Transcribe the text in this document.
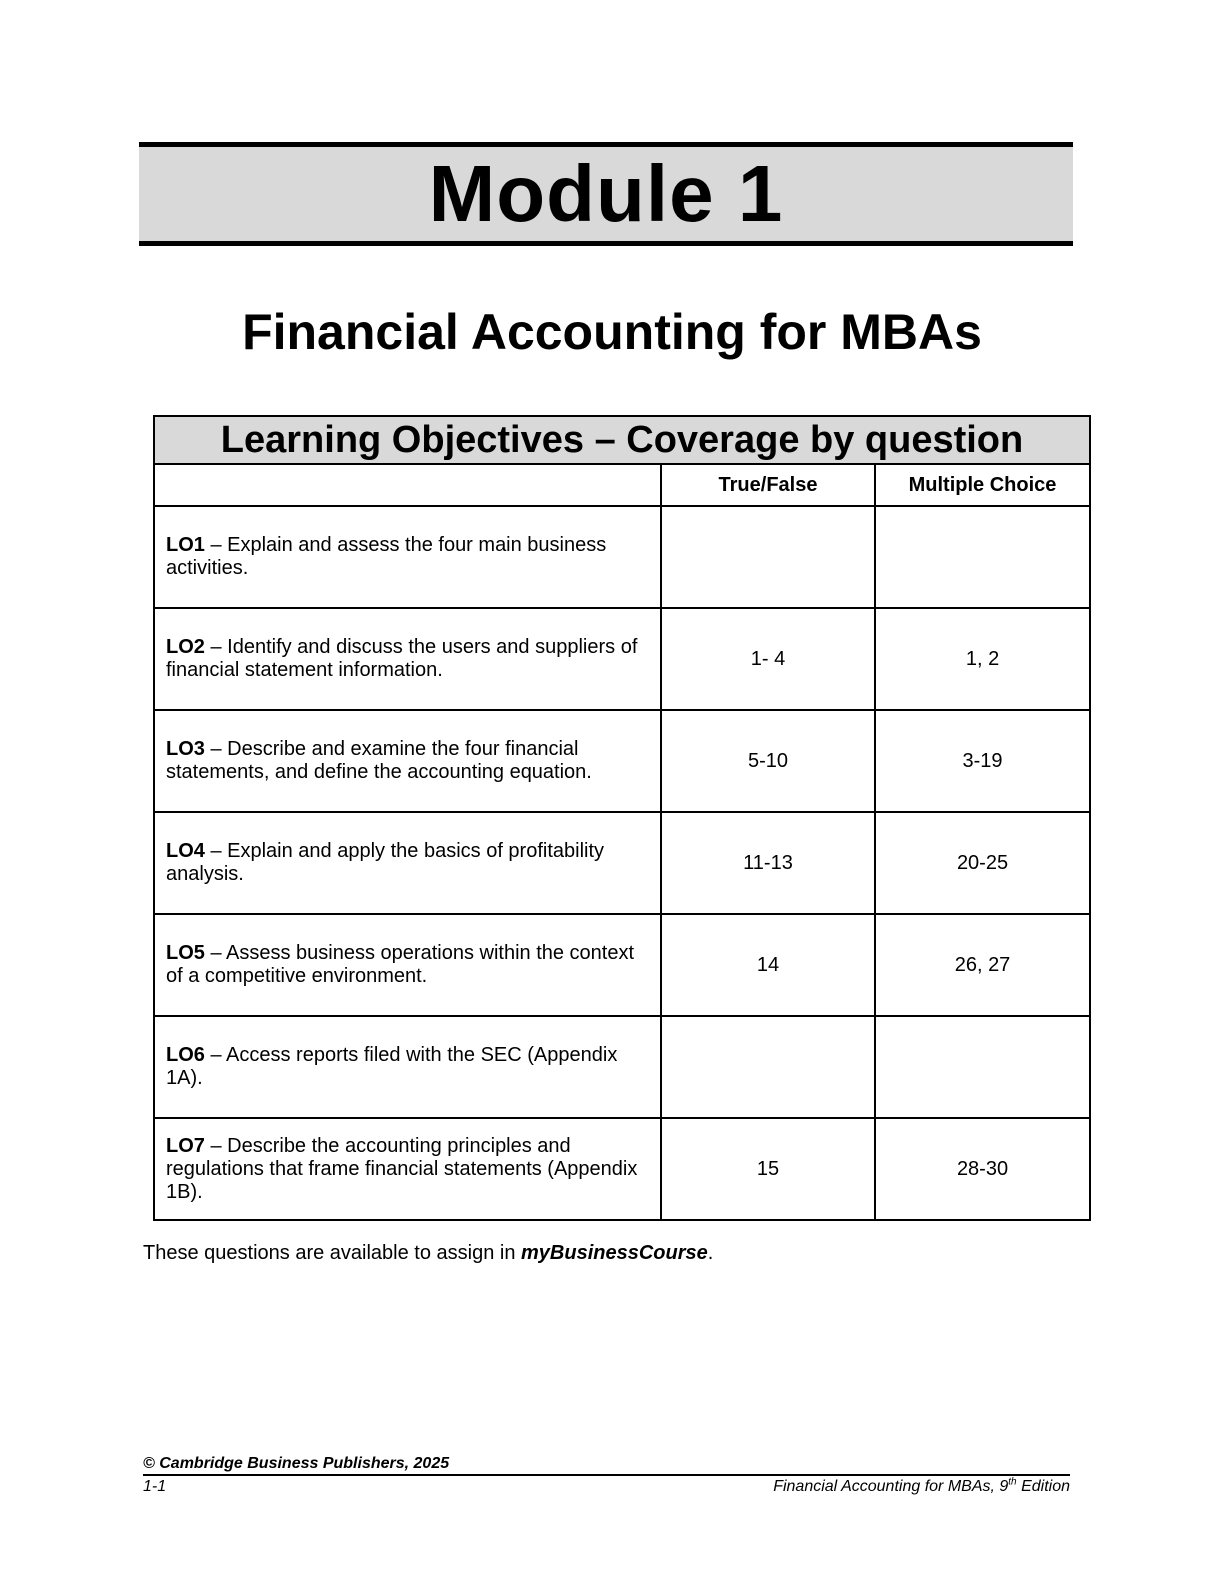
Module 1
Financial Accounting for MBAs
Learning Objectives – Coverage by question		
	True/False	Multiple Choice
LO1 – Explain and assess the four main business activities.		
LO2 – Identify and discuss the users and suppliers of financial statement information.	1- 4	1, 2
LO3 – Describe and examine the four financial statements, and define the accounting equation.	5-10	3-19
LO4 – Explain and apply the basics of profitability analysis.	11-13	20-25
LO5 – Assess business operations within the context of a competitive environment.	14	26, 27
LO6 – Access reports filed with the SEC (Appendix 1A).		
LO7 – Describe the accounting principles and regulations that frame financial statements (Appendix 1B).	15	28-30
These questions are available to assign in myBusinessCourse.
© Cambridge Business Publishers, 2025
1-1	Financial Accounting for MBAs, 9th Edition
